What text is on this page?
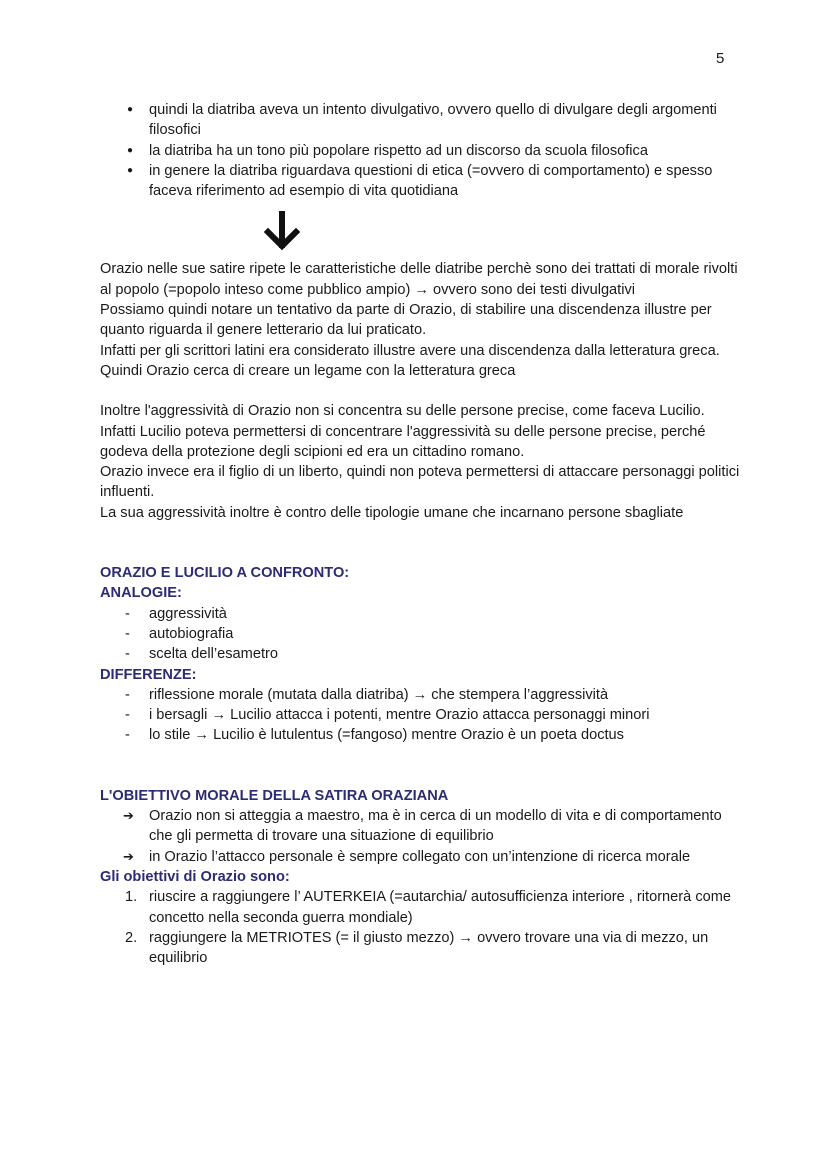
5
● quindi la diatriba aveva un intento divulgativo, ovvero quello di divulgare degli argomenti filosofici
● la diatriba ha un tono più popolare rispetto ad un discorso da scuola filosofica
● in genere la diatriba riguardava questioni di etica (=ovvero di comportamento) e spesso faceva riferimento ad esempio di vita quotidiana

Orazio nelle sue satire ripete le caratteristiche delle diatribe perchè sono dei trattati di morale rivolti al popolo (=popolo inteso come pubblico ampio) → ovvero sono dei testi divulgativi

Possiamo quindi notare un tentativo da parte di Orazio, di stabilire una discendenza illustre per quanto riguarda il genere letterario da lui praticato.

Infatti per gli scrittori latini era considerato illustre avere una discendenza dalla letteratura greca.

Quindi Orazio cerca di creare un legame con la letteratura greca

Inoltre l'aggressività di Orazio non si concentra su delle persone precise, come faceva Lucilio.

Infatti Lucilio poteva permettersi di concentrare l'aggressività su delle persone precise, perché godeva della protezione degli scipioni ed era un cittadino romano.

Orazio invece era il figlio di un liberto, quindi non poteva permettersi di attaccare personaggi politici influenti.

La sua aggressività inoltre è contro delle tipologie umane che incarnano persone sbagliate

ORAZIO E LUCILIO A CONFRONTO:

ANALOGIE:

- aggressività
- autobiografia
- scelta dell’esametro

DIFFERENZE:

- riflessione morale (mutata dalla diatriba) → che stempera l’aggressività
- i bersagli → Lucilio attacca i potenti, mentre Orazio attacca personaggi minori
- lo stile → Lucilio è lutulentus (=fangoso) mentre Orazio è un poeta doctus

L'OBIETTIVO MORALE DELLA SATIRA ORAZIANA

➔ Orazio non si atteggia a maestro, ma è in cerca di un modello di vita e di comportamento che gli permetta di trovare una situazione di equilibrio
➔ in Orazio l’attacco personale è sempre collegato con un’intenzione di ricerca morale

Gli obiettivi di Orazio sono:

1. riuscire a raggiungere l’ AUTERKEIA (=autarchia/ autosufficienza interiore , ritornerà come concetto nella seconda guerra mondiale)
2. raggiungere la METRIOTES (= il giusto mezzo) → ovvero trovare una via di mezzo, un equilibrio
